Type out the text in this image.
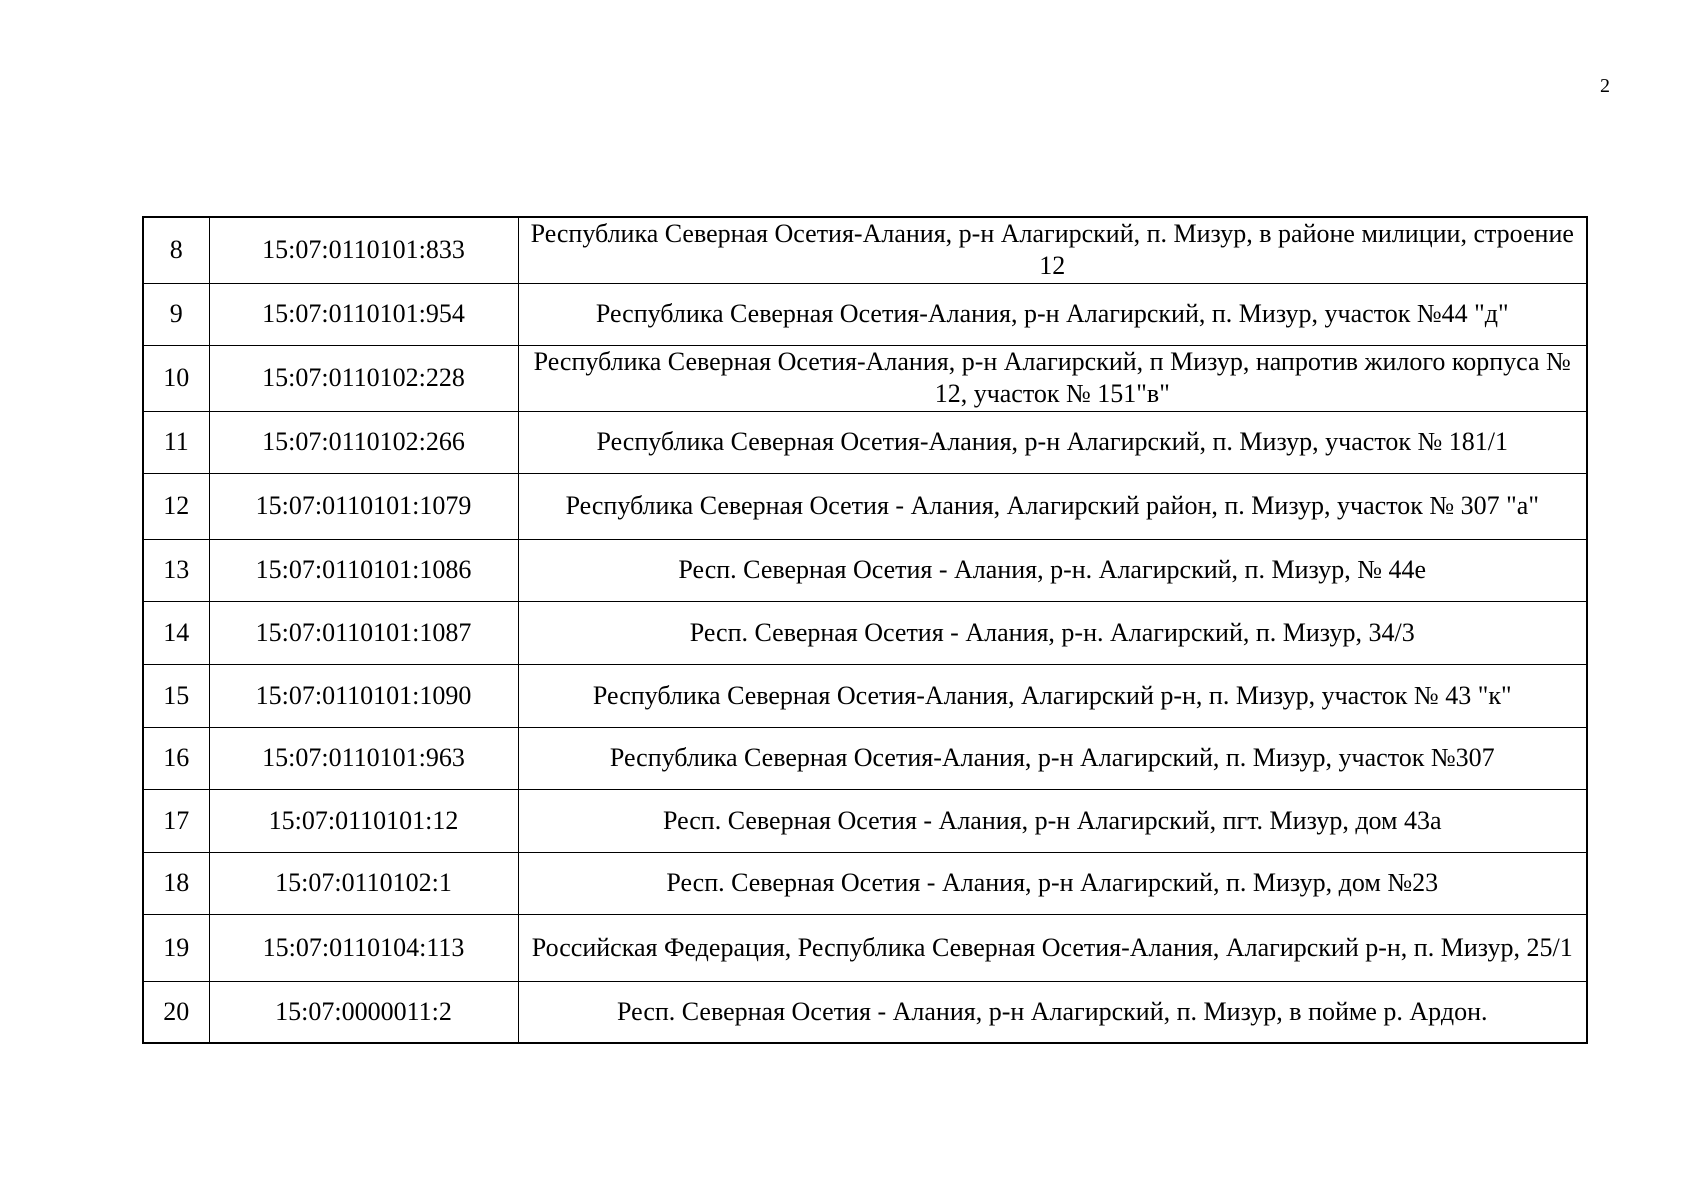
2
8	15:07:0110101:833	Республика Северная Осетия-Алания, р-н Алагирский, п. Мизур, в районе милиции, строение 12
9	15:07:0110101:954	Республика Северная Осетия-Алания, р-н Алагирский, п. Мизур, участок №44 "д"
10	15:07:0110102:228	Республика Северная Осетия-Алания, р-н Алагирский, п Мизур, напротив жилого корпуса № 12, участок № 151"в"
11	15:07:0110102:266	Республика Северная Осетия-Алания, р-н Алагирский, п. Мизур, участок № 181/1
12	15:07:0110101:1079	Республика Северная Осетия - Алания, Алагирский район, п. Мизур, участок № 307 "а"
13	15:07:0110101:1086	Респ. Северная Осетия - Алания, р-н. Алагирский, п. Мизур, № 44е
14	15:07:0110101:1087	Респ. Северная Осетия - Алания, р-н. Алагирский, п. Мизур, 34/3
15	15:07:0110101:1090	Республика Северная Осетия-Алания, Алагирский р-н, п. Мизур, участок № 43 "к"
16	15:07:0110101:963	Республика Северная Осетия-Алания, р-н Алагирский, п. Мизур, участок №307
17	15:07:0110101:12	Респ. Северная Осетия - Алания, р-н Алагирский, пгт. Мизур, дом 43а
18	15:07:0110102:1	Респ. Северная Осетия - Алания, р-н Алагирский, п. Мизур, дом №23
19	15:07:0110104:113	Российская Федерация, Республика Северная Осетия-Алания, Алагирский р-н, п. Мизур, 25/1
20	15:07:0000011:2	Респ. Северная Осетия - Алания, р-н Алагирский, п. Мизур, в пойме р. Ардон.
